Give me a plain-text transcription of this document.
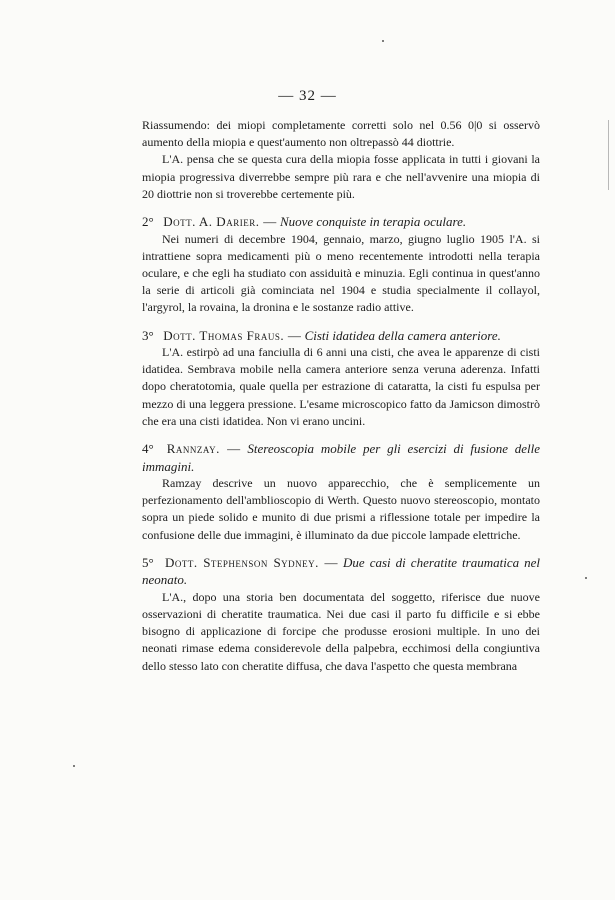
— 32 —

Riassumendo: dei miopi completamente corretti solo nel 0.56 0|0 si osservò aumento della miopia e quest'aumento non oltrepassò 44 diottrie.

L'A. pensa che se questa cura della miopia fosse applicata in tutti i giovani la miopia progressiva diverrebbe sempre più rara e che nell'avvenire una miopia di 20 diottrie non si troverebbe certemente più.

2° Dott. A. Darier. — Nuove conquiste in terapia oculare.

Nei numeri di decembre 1904, gennaio, marzo, giugno luglio 1905 l'A. si intrattiene sopra medicamenti più o meno recentemente introdotti nella terapia oculare, e che egli ha studiato con assiduità e minuzia. Egli continua in quest'anno la serie di articoli già cominciata nel 1904 e studia specialmente il collayol, l'argyrol, la rovaina, la dronina e le sostanze radio attive.

3° Dott. Thomas Fraus. — Cisti idatidea della camera anteriore.

L'A. estirpò ad una fanciulla di 6 anni una cisti, che avea le apparenze di cisti idatidea. Sembrava mobile nella camera anteriore senza veruna aderenza. Infatti dopo cheratotomia, quale quella per estrazione di cataratta, la cisti fu espulsa per mezzo di una leggera pressione. L'esame microscopico fatto da Jamicson dimostrò che era una cisti idatidea. Non vi erano uncini.

4° Rannzay. — Stereoscopia mobile per gli esercizi di fusione delle immagini.

Ramzay descrive un nuovo apparecchio, che è semplicemente un perfezionamento dell'amblioscopio di Werth. Questo nuovo stereoscopio, montato sopra un piede solido e munito di due prismi a riflessione totale per impedire la confusione delle due immagini, è illuminato da due piccole lampade elettriche.

5° Dott. Stephenson Sydney. — Due casi di cheratite traumatica nel neonato.

L'A., dopo una storia ben documentata del soggetto, riferisce due nuove osservazioni di cheratite traumatica. Nei due casi il parto fu difficile e si ebbe bisogno di applicazione di forcipe che produsse erosioni multiple. In uno dei neonati rimase edema considerevole della palpebra, ecchimosi della congiuntiva dello stesso lato con cheratite diffusa, che dava l'aspetto che questa membrana
